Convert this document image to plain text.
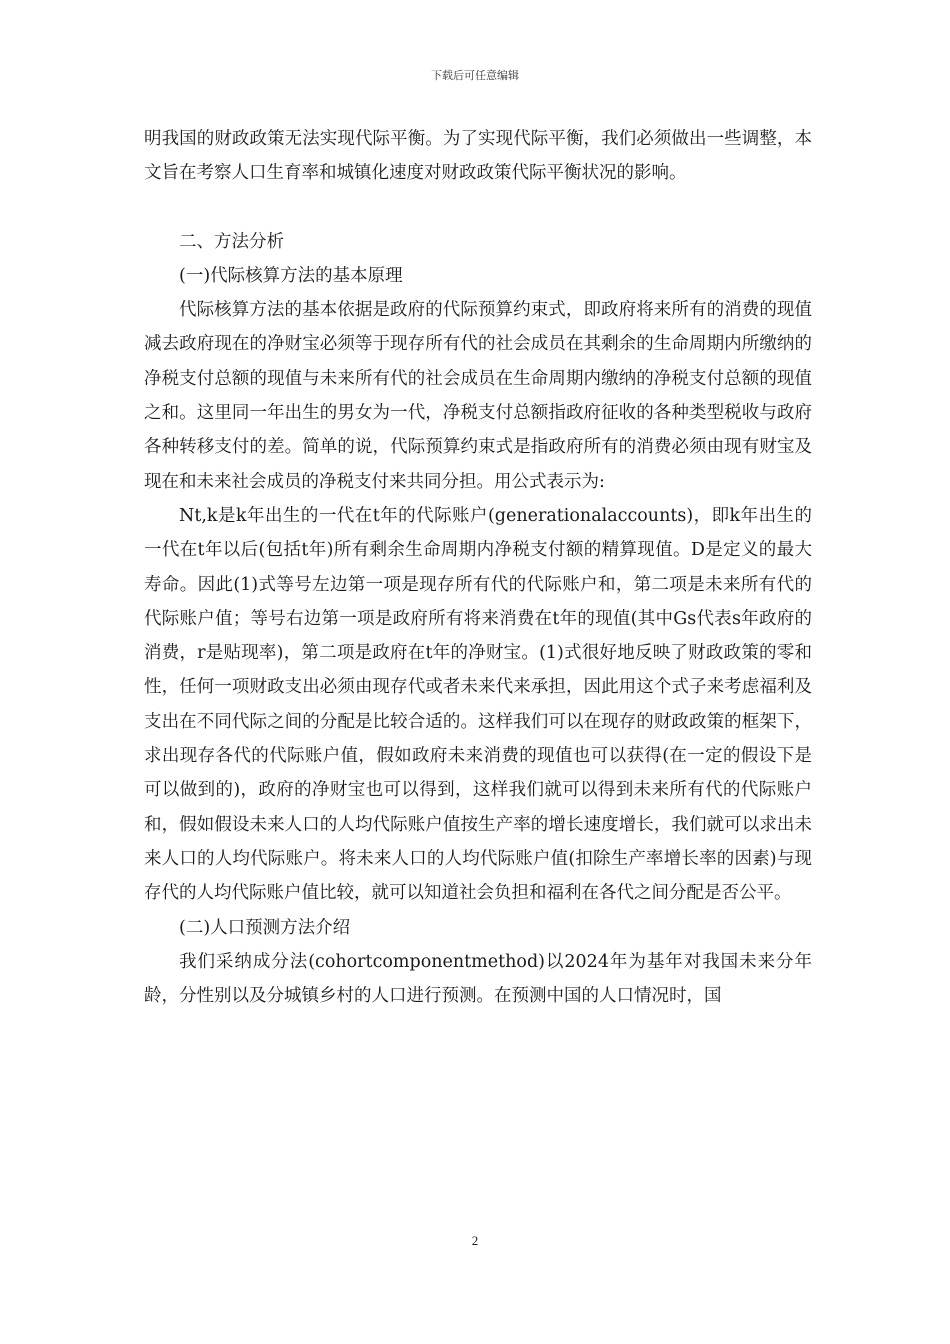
下载后可任意编辑

明我国的财政政策无法实现代际平衡。为了实现代际平衡，我们必须做出一些调整，本文旨在考察人口生育率和城镇化速度对财政政策代际平衡状况的影响。

二、方法分析

(一)代际核算方法的基本原理

代际核算方法的基本依据是政府的代际预算约束式，即政府将来所有的消费的现值减去政府现在的净财宝必须等于现存所有代的社会成员在其剩余的生命周期内所缴纳的净税支付总额的现值与未来所有代的社会成员在生命周期内缴纳的净税支付总额的现值之和。这里同一年出生的男女为一代，净税支付总额指政府征收的各种类型税收与政府各种转移支付的差。简单的说，代际预算约束式是指政府所有的消费必须由现有财宝及现在和未来社会成员的净税支付来共同分担。用公式表示为:

Nt,k是k年出生的一代在t年的代际账户(generationalaccounts)，即k年出生的一代在t年以后(包括t年)所有剩余生命周期内净税支付额的精算现值。D是定义的最大寿命。因此(1)式等号左边第一项是现存所有代的代际账户和，第二项是未来所有代的代际账户值；等号右边第一项是政府所有将来消费在t年的现值(其中Gs代表s年政府的消费，r是贴现率)，第二项是政府在t年的净财宝。(1)式很好地反映了财政政策的零和性，任何一项财政支出必须由现存代或者未来代来承担，因此用这个式子来考虑福利及支出在不同代际之间的分配是比较合适的。这样我们可以在现存的财政政策的框架下，求出现存各代的代际账户值，假如政府未来消费的现值也可以获得(在一定的假设下是可以做到的)，政府的净财宝也可以得到，这样我们就可以得到未来所有代的代际账户和，假如假设未来人口的人均代际账户值按生产率的增长速度增长，我们就可以求出未来人口的人均代际账户。将未来人口的人均代际账户值(扣除生产率增长率的因素)与现存代的人均代际账户值比较，就可以知道社会负担和福利在各代之间分配是否公平。

(二)人口预测方法介绍

我们采纳成分法(cohortcomponentmethod)以2024年为基年对我国未来分年龄，分性别以及分城镇乡村的人口进行预测。在预测中国的人口情况时，国

2
